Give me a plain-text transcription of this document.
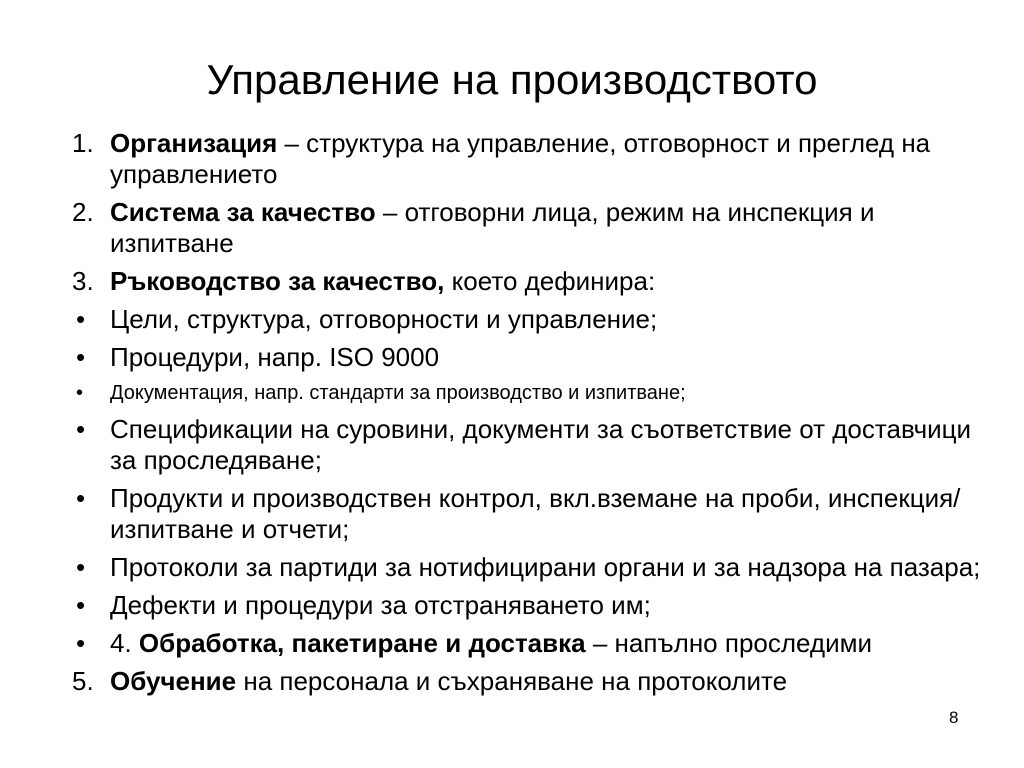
Управление на производството
1. Организация – структура на управление, отговорност и преглед на управлението
2. Система за качество – отговорни лица, режим на инспекция и изпитване
3. Ръководство за качество, което дефинира:
• Цели, структура, отговорности и управление;
• Процедури, напр. ISO 9000
• Документация, напр. стандарти за производство и изпитване;
• Спецификации на суровини, документи за съответствие от доставчици за проследяване;
• Продукти и производствен контрол, вкл.вземане на проби, инспекция/изпитване и отчети;
• Протоколи за партиди за нотифицирани органи и за надзора на пазара;
• Дефекти и процедури за отстраняването им;
• 4. Обработка, пакетиране и доставка – напълно проследими
5. Обучение на персонала и съхраняване на протоколите
8
